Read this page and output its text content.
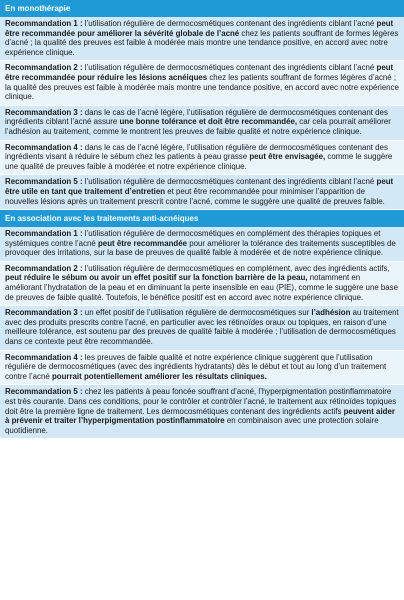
En monothérapie
Recommandation 1 : l’utilisation régulière de dermocosmétiques contenant des ingrédients ciblant l’acné peut être recommandée pour améliorer la sévérité globale de l’acné chez les patients souffrant de formes légères d’acné ; la qualité des preuves est faible à modérée mais montre une tendance positive, en accord avec notre expérience clinique.
Recommandation 2 : l’utilisation régulière de dermocosmétiques contenant des ingrédients ciblant l’acné peut être recommandée pour réduire les lésions acnéiques chez les patients souffrant de formes légères d’acné ; la qualité des preuves est faible à modérée mais montre une tendance positive, en accord avec notre expérience clinique.
Recommandation 3 : dans le cas de l’acné légère, l’utilisation régulière de dermocosmétiques contenant des ingrédients ciblant l’acné assure une bonne tolérance et doit être recommandée, car cela pourrait améliorer l’adhésion au traitement, comme le montrent les preuves de faible qualité et notre expérience clinique.
Recommandation 4 : dans le cas de l’acné légère, l’utilisation régulière de dermocosmétiques contenant des ingrédients visant à réduire le sébum chez les patients à peau grasse peut être envisagée, comme le suggère une qualité de preuves faible à modérée et notre expérience clinique.
Recommandation 5 : l’utilisation régulière de dermocosmétiques contenant des ingrédients ciblant l’acné peut être utile en tant que traitement d’entretien et peut être recommandée pour minimiser l’apparition de nouvelles lésions après un traitement prescrit contre l’acné, comme le suggère une qualité de preuves faible.
En association avec les traitements anti-acnéiques
Recommandation 1 : l’utilisation régulière de dermocosmétiques en complément des thérapies topiques et systémiques contre l’acné peut être recommandée pour améliorer la tolérance des traitements susceptibles de provoquer des irritations, sur la base de preuves de qualité faible à modérée et de notre expérience clinique.
Recommandation 2 : l’utilisation régulière de dermocosmétiques en complément, avec des ingrédients actifs, peut réduire le sébum ou avoir un effet positif sur la fonction barrière de la peau, notamment en améliorant l’hydratation de la peau et en diminuant la perte insensible en eau (PIE), comme le suggère une base de preuves de faible qualité. Toutefois, le bénéfice positif est en accord avec notre expérience clinique.
Recommandation 3 : un effet positif de l’utilisation régulière de dermocosmétiques sur l’adhésion au traitement avec des produits prescrits contre l’acné, en particulier avec les rétinoïdes oraux ou topiques, en raison d’une meilleure tolérance, est soutenu par des preuves de qualité faible à modérée ; l’utilisation de dermocosmétiques dans ce contexte peut être recommandée.
Recommandation 4 : les preuves de faible qualité et notre expérience clinique suggèrent que l’utilisation régulière de dermocosmétiques (avec des ingrédients hydratants) dès le début et tout au long d’un traitement contre l’acné pourrait potentiellement améliorer les résultats cliniques.
Recommandation 5 : chez les patients à peau foncée souffrant d’acné, l’hyperpigmentation postinflammatoire est très courante. Dans ces conditions, pour le contrôler et contrôler l’acné, le traitement aux rétinoïdes topiques doit être la première ligne de traitement. Les dermocosmétiques contenant des ingrédients actifs peuvent aider à prévenir et traiter l’hyperpigmentation postinflammatoire en combinaison avec une protection solaire quotidienne.
